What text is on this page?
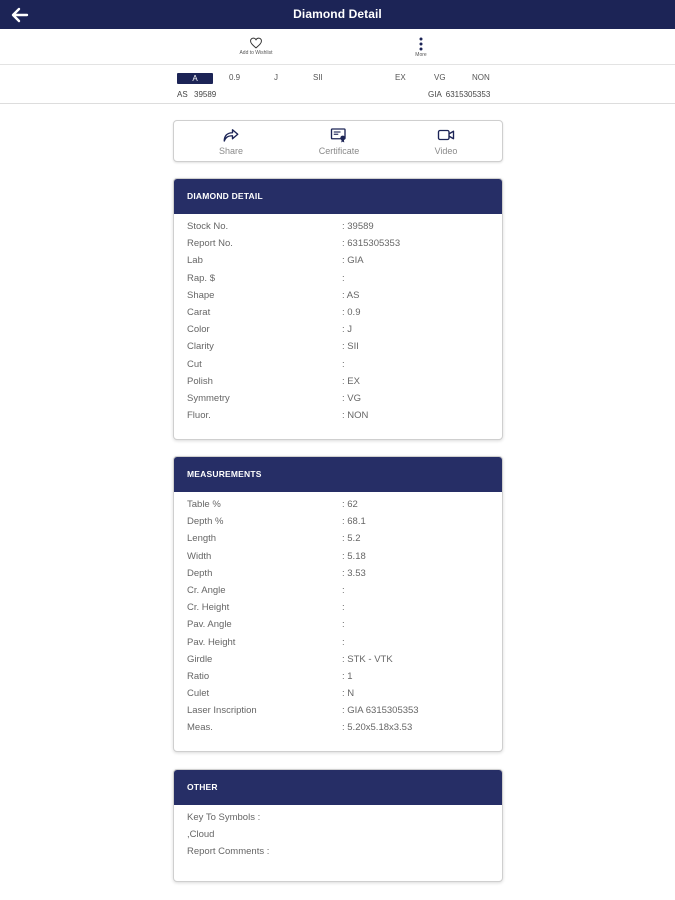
Diamond Detail
Add to Wishlist	More
A	0.9	J	SII	EX	VG	NON
AS 39589	GIA  6315305353
Share	Certificate	Video
DIAMOND DETAIL
Stock No.	: 39589
Report No.	: 6315305353
Lab	: GIA
Rap. $	:
Shape	: AS
Carat	: 0.9
Color	: J
Clarity	: SII
Cut	:
Polish	: EX
Symmetry	: VG
Fluor.	: NON
MEASUREMENTS
Table %	: 62
Depth %	: 68.1
Length	: 5.2
Width	: 5.18
Depth	: 3.53
Cr. Angle	:
Cr. Height	:
Pav. Angle	:
Pav. Height	:
Girdle	: STK - VTK
Ratio	: 1
Culet	: N
Laser Inscription	: GIA 6315305353
Meas.	: 5.20x5.18x3.53
OTHER
Key To Symbols :
,Cloud
Report Comments :
